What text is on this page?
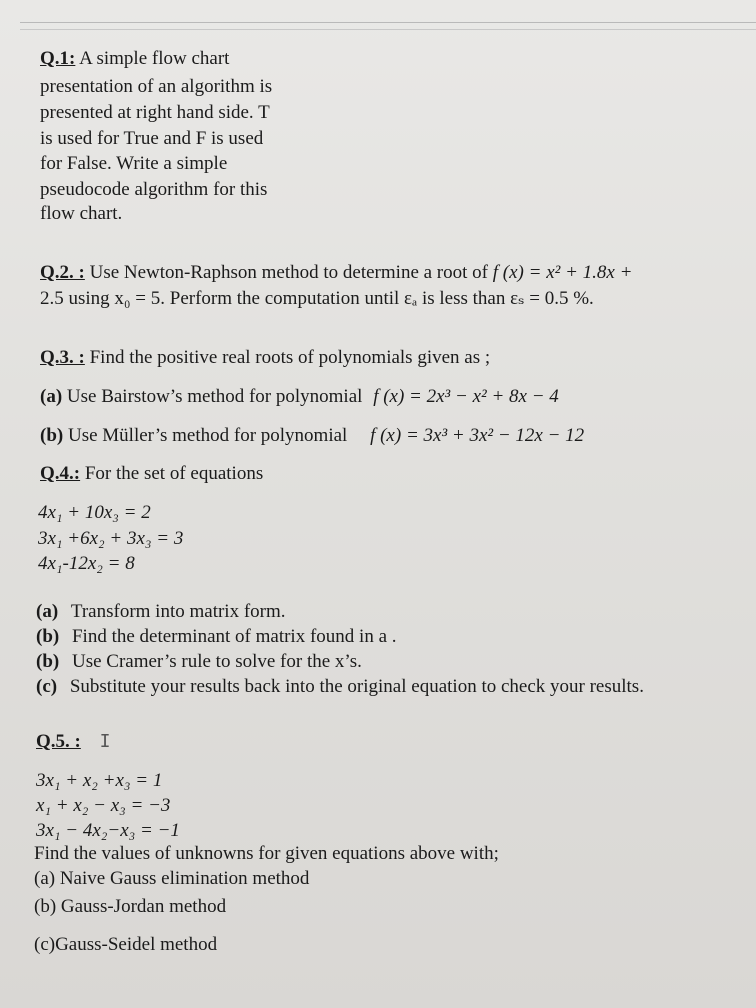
Q.1: A simple flow chart
presentation of an algorithm is
presented at right hand side. T
is used for True and F is used
for False. Write a simple
pseudocode algorithm for this
flow chart.
Q.2. : Use Newton-Raphson method to determine a root of f (x) = x² + 1.8x +
2.5 using x₀ = 5. Perform the computation until εₐ is less than εₛ = 0.5 %.
Q.3. : Find the positive real roots of polynomials given as ;
(a) Use Bairstow’s method for polynomial f (x) = 2x³ − x² + 8x − 4
(b) Use Müller’s method for polynomial f (x) = 3x³ + 3x² − 12x − 12
Q.4.: For the set of equations
4x₁ + 10x₃ = 2
3x₁ +6x₂ + 3x₃ = 3
4x₁-12x₂ = 8
(a) Transform into matrix form.
(b) Find the determinant of matrix found in a .
(b) Use Cramer’s rule to solve for the x’s.
(c) Substitute your results back into the original equation to check your results.
Q.5. : I
3x₁ + x₂ +x₃ = 1
x₁ + x₂ − x₃ = −3
3x₁ − 4x₂−x₃ = −1
Find the values of unknowns for given equations above with;
(a) Naive Gauss elimination method
(b) Gauss-Jordan method
(c)Gauss-Seidel method
